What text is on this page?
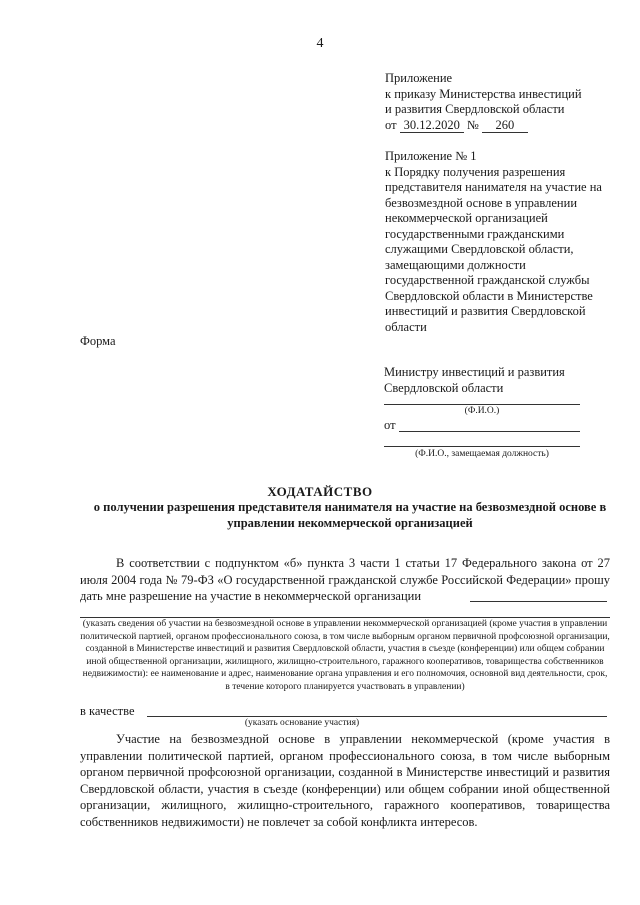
4
Приложение
к приказу Министерства инвестиций
и развития Свердловской области
от 30.12.2020 № 260
Приложение № 1
к Порядку получения разрешения представителя нанимателя на участие на безвозмездной основе в управлении некоммерческой организацией государственными гражданскими служащими Свердловской области, замещающими должности государственной гражданской службы Свердловской области в Министерстве инвестиций и развития Свердловской области
Форма
Министру инвестиций и развития
Свердловской области
(Ф.И.О.)
от
(Ф.И.О., замещаемая должность)
ХОДАТАЙСТВО
о получении разрешения представителя нанимателя на участие на безвозмездной основе в управлении некоммерческой организацией
В соответствии с подпунктом «б» пункта 3 части 1 статьи 17 Федерального закона от 27 июля 2004 года № 79-ФЗ «О государственной гражданской службе Российской Федерации» прошу дать мне разрешение на участие в некоммерческой организации
(указать сведения об участии на безвозмездной основе в управлении некоммерческой организацией (кроме участия в управлении политической партией, органом профессионального союза, в том числе выборным органом первичной профсоюзной организации, созданной в Министерстве инвестиций и развития Свердловской области, участия в съезде (конференции) или общем собрании иной общественной организации, жилищного, жилищно-строительного, гаражного кооперативов, товарищества собственников недвижимости): ее наименование и адрес, наименование органа управления и его полномочия, основной вид деятельности, срок, в течение которого планируется участвовать в управлении)
в качестве
(указать основание участия)
Участие на безвозмездной основе в управлении некоммерческой (кроме участия в управлении политической партией, органом профессионального союза, в том числе выборным органом первичной профсоюзной организации, созданной в Министерстве инвестиций и развития Свердловской области, участия в съезде (конференции) или общем собрании иной общественной организации, жилищного, жилищно-строительного, гаражного кооперативов, товарищества собственников недвижимости) не повлечет за собой конфликта интересов.
